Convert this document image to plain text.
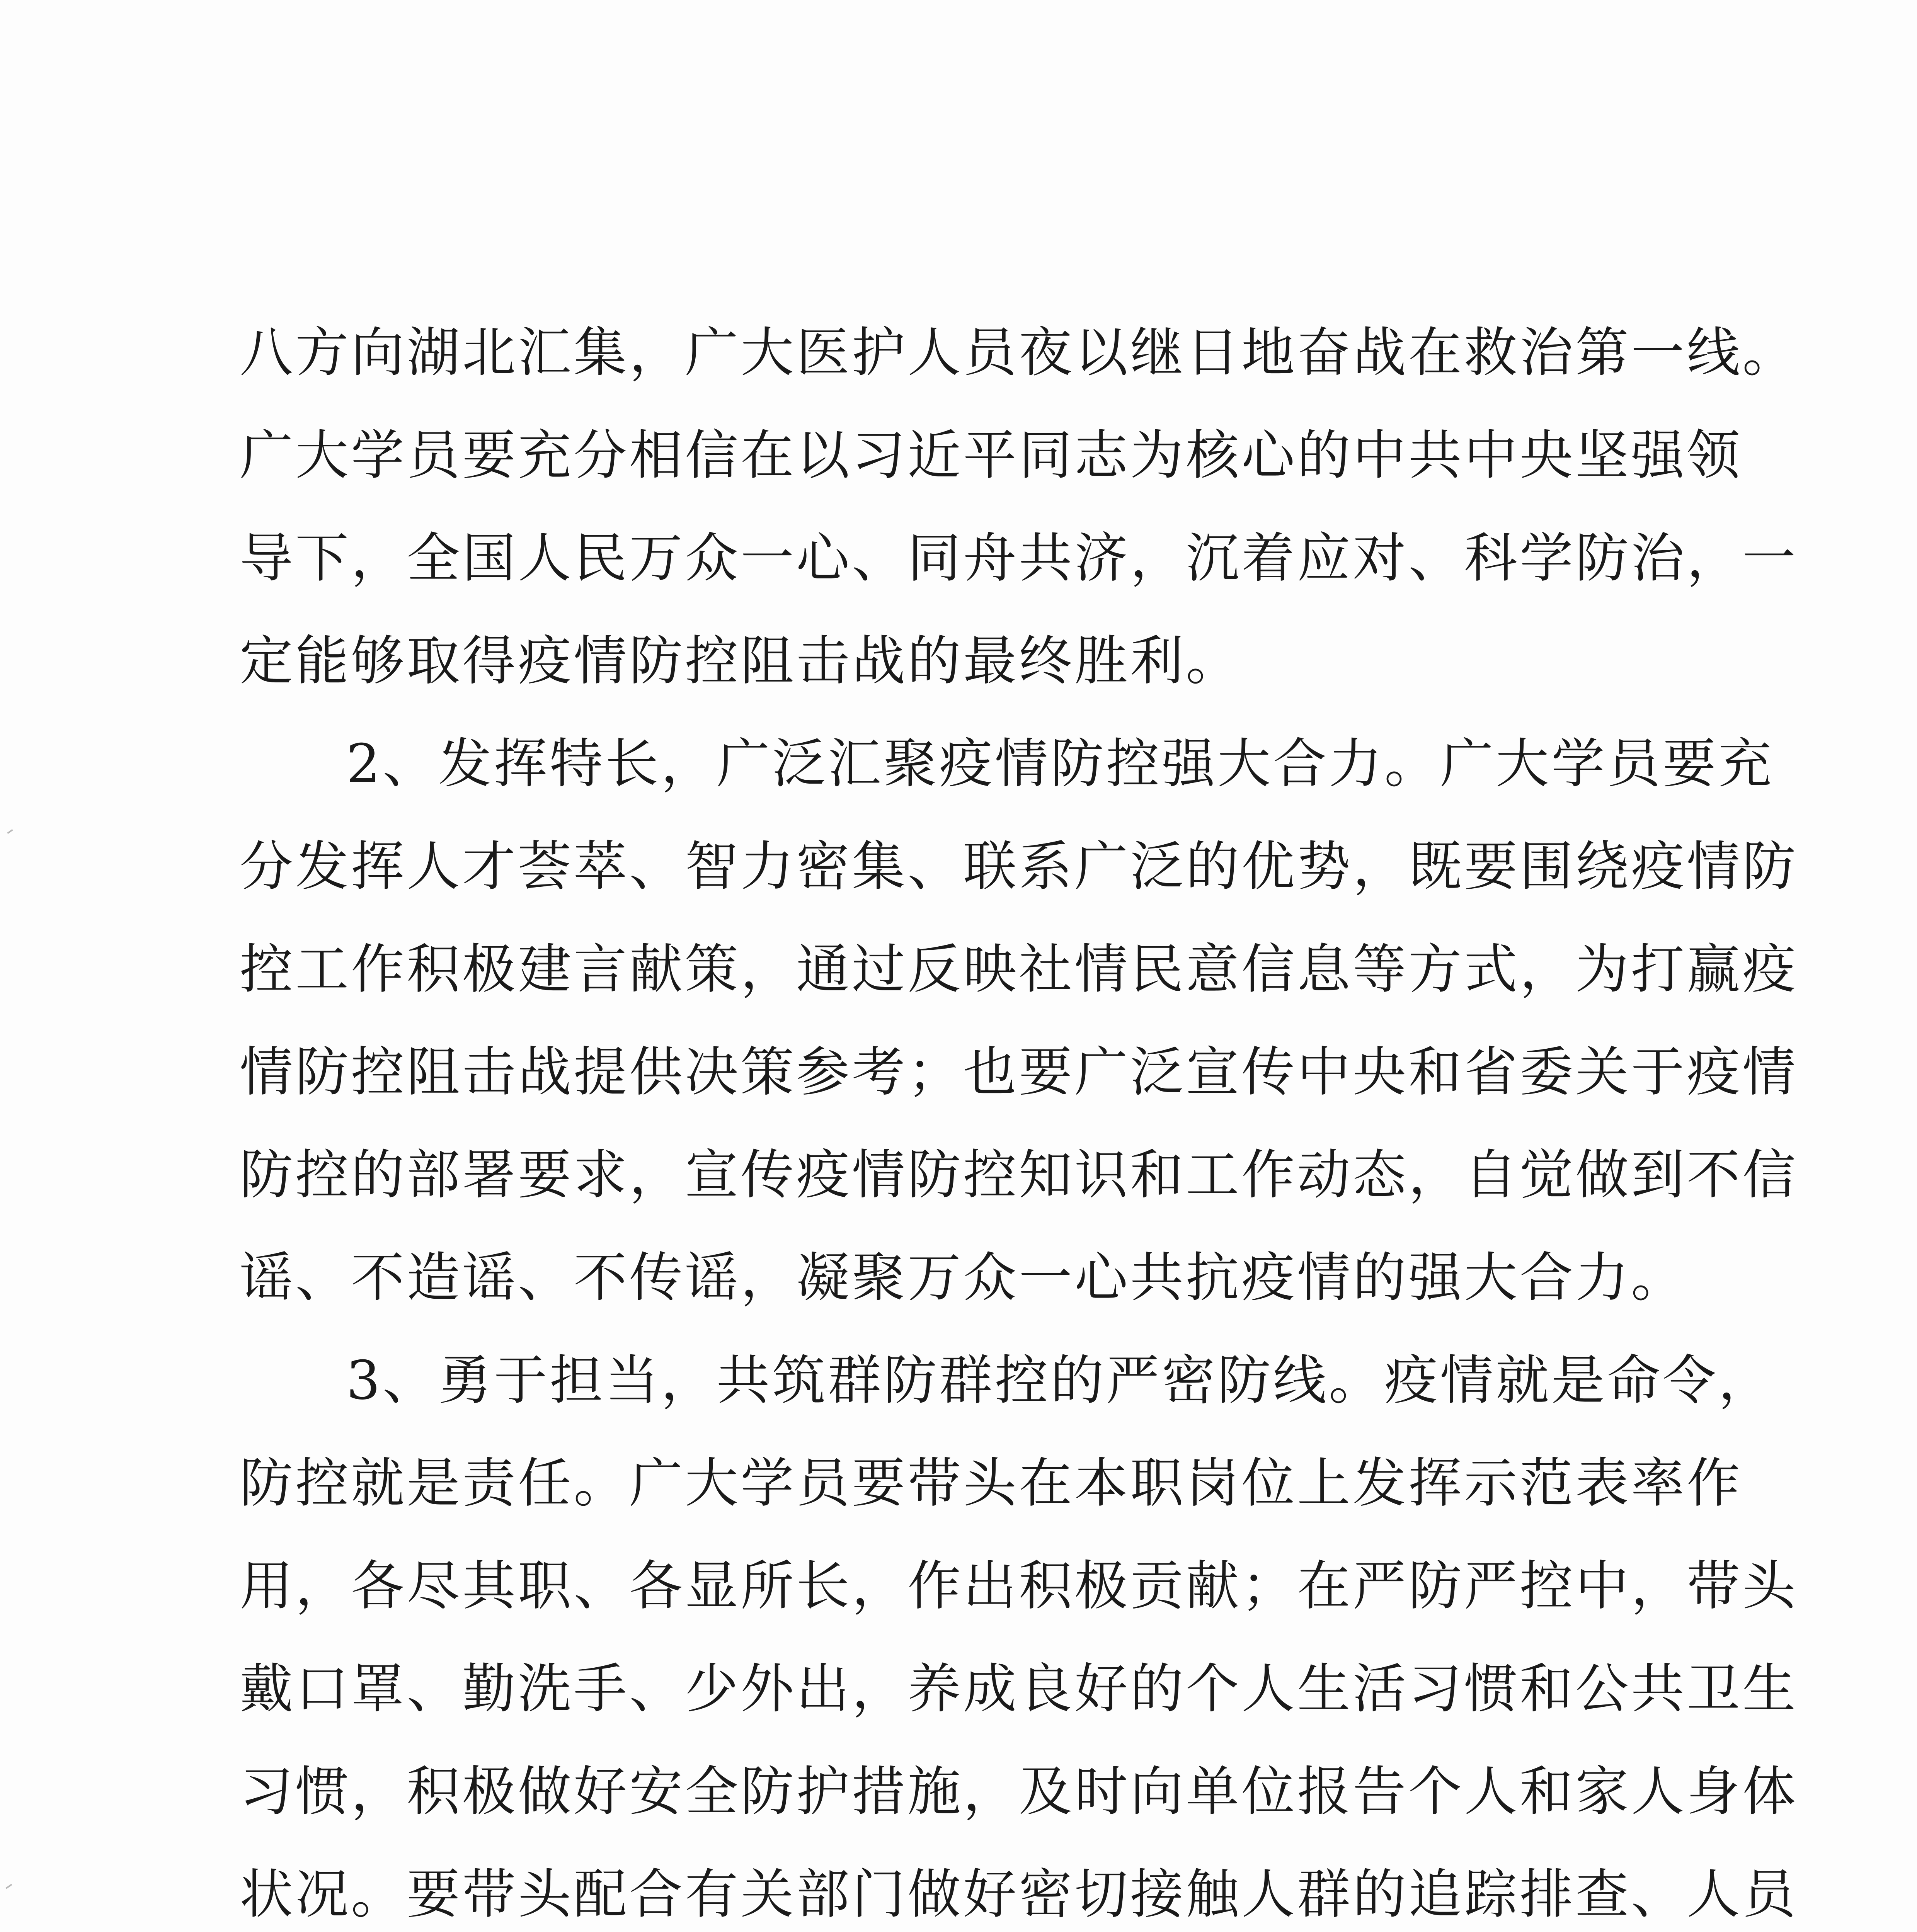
八方向湖北汇集，广大医护人员夜以继日地奋战在救治第一线。
广大学员要充分相信在以习近平同志为核心的中共中央坚强领
导下，全国人民万众一心、同舟共济，沉着应对、科学防治，一
定能够取得疫情防控阻击战的最终胜利。
2、发挥特长，广泛汇聚疫情防控强大合力。广大学员要充
分发挥人才荟萃、智力密集、联系广泛的优势，既要围绕疫情防
控工作积极建言献策，通过反映社情民意信息等方式，为打赢疫
情防控阻击战提供决策参考；也要广泛宣传中央和省委关于疫情
防控的部署要求，宣传疫情防控知识和工作动态，自觉做到不信
谣、不造谣、不传谣，凝聚万众一心共抗疫情的强大合力。
3、勇于担当，共筑群防群控的严密防线。疫情就是命令，
防控就是责任。广大学员要带头在本职岗位上发挥示范表率作
用，各尽其职、各显所长，作出积极贡献；在严防严控中，带头
戴口罩、勤洗手、少外出，养成良好的个人生活习惯和公共卫生
习惯，积极做好安全防护措施，及时向单位报告个人和家人身体
状况。要带头配合有关部门做好密切接触人群的追踪排查、人员
